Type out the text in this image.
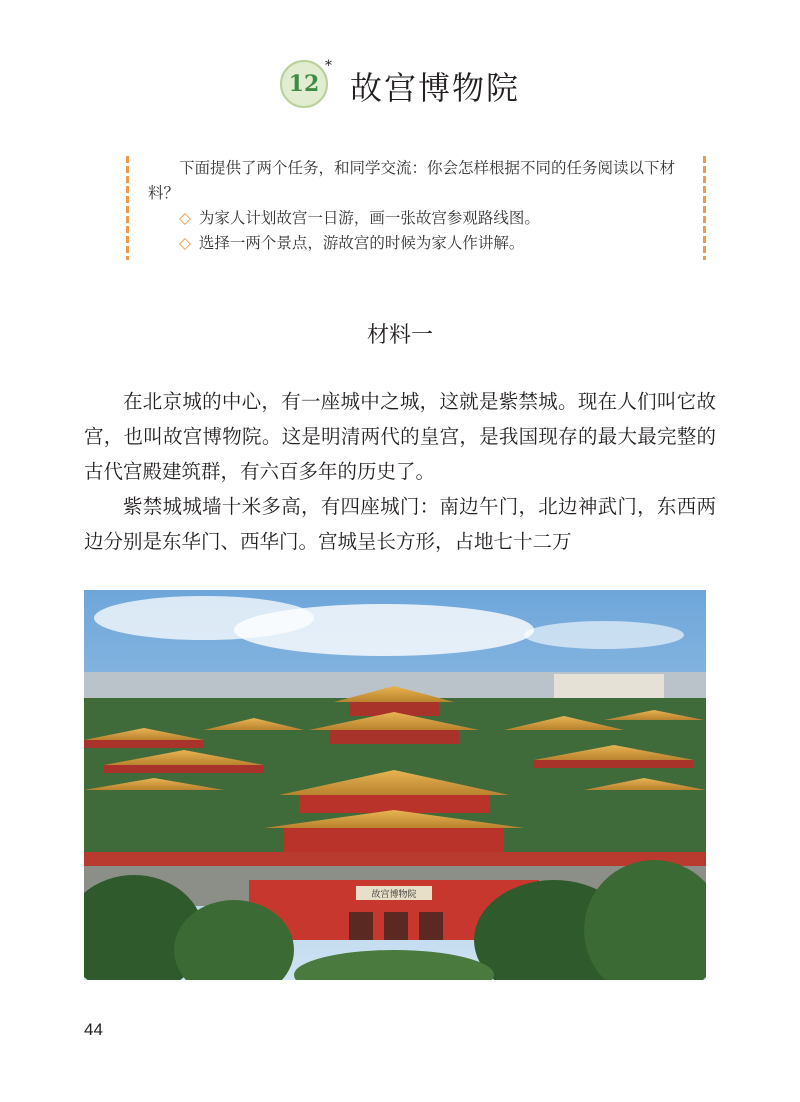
12
*
故宫博物院

下面提供了两个任务，和同学交流：你会怎样根据不同的任务阅读以下材料？

◇ 为家人计划故宫一日游，画一张故宫参观路线图。

◇ 选择一两个景点，游故宫的时候为家人作讲解。

材料一

在北京城的中心，有一座城中之城，这就是紫禁城。现在人们叫它故宫，也叫故宫博物院。这是明清两代的皇宫，是我国现存的最大最完整的古代宫殿建筑群，有六百多年的历史了。

紫禁城城墙十米多高，有四座城门：南边午门，北边神武门，东西两边分别是东华门、西华门。宫城呈长方形，占地七十二万

故宫博物院
44
